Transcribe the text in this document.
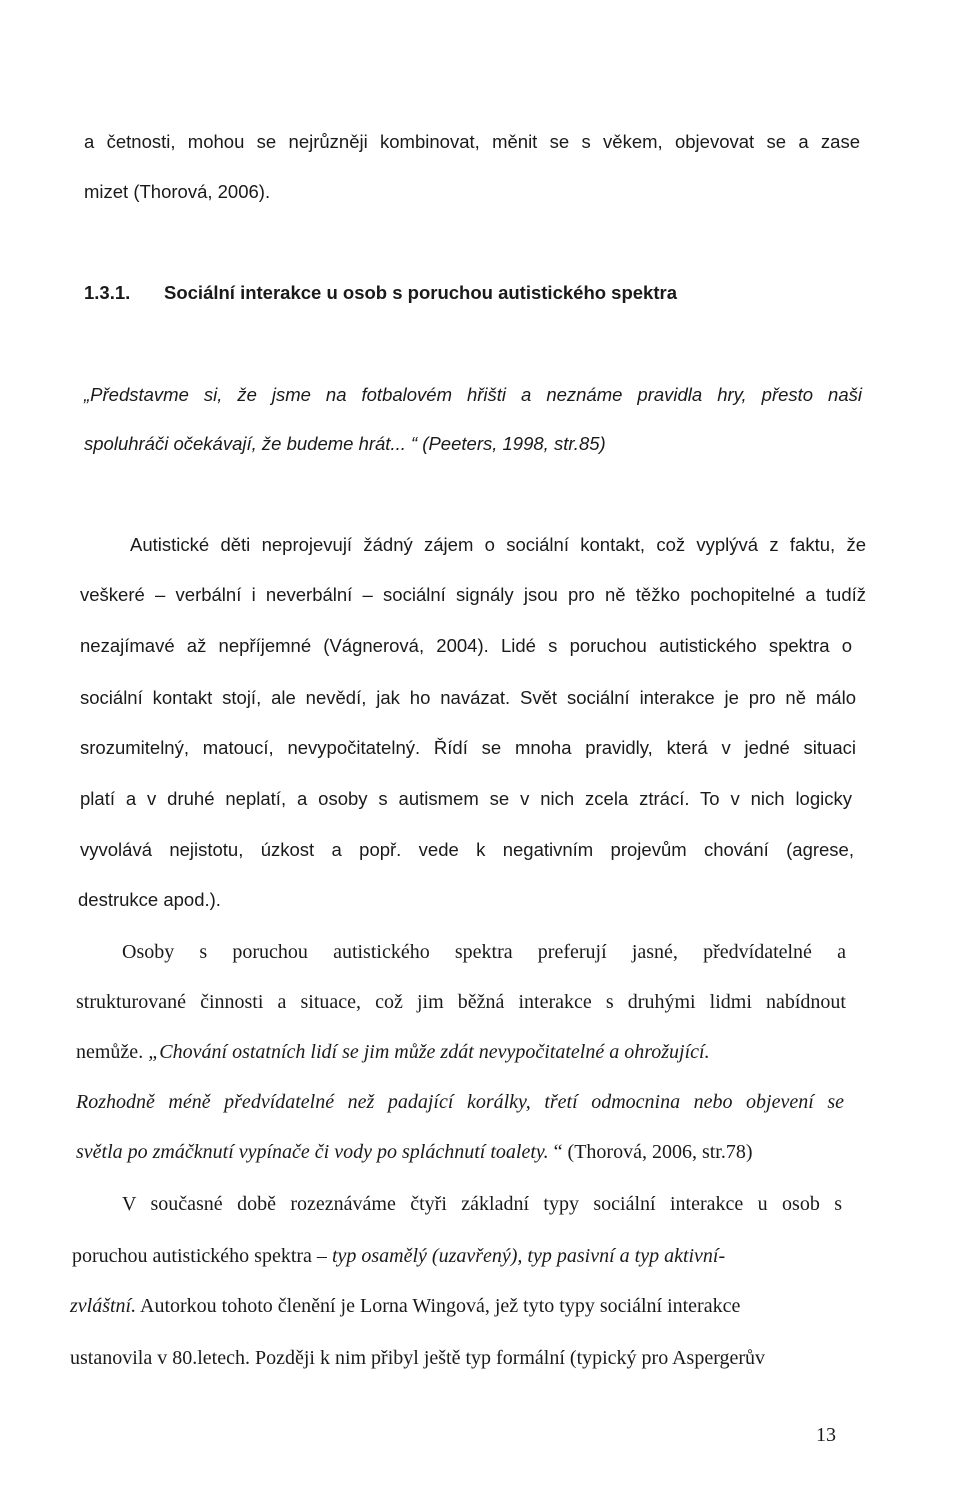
a četnosti, mohou se nejrůzněji kombinovat, měnit se s věkem, objevovat se a zase
mizet (Thorová, 2006).
1.3.1. Sociální interakce u osob s poruchou autistického spektra
„Představme si, že jsme na fotbalovém hřišti a neznáme pravidla hry, přesto naši
spoluhráči očekávají, že budeme hrát... “ (Peeters, 1998, str.85)
Autistické děti neprojevují žádný zájem o sociální kontakt, což vyplývá z faktu, že
veškeré – verbální i neverbální – sociální signály jsou pro ně těžko pochopitelné a tudíž
nezajímavé až nepříjemné (Vágnerová, 2004). Lidé s poruchou autistického spektra o
sociální kontakt stojí, ale nevědí, jak ho navázat. Svět sociální interakce je pro ně málo
srozumitelný, matoucí, nevypočitatelný. Řídí se mnoha pravidly, která v jedné situaci
platí a v druhé neplatí, a osoby s autismem se v nich zcela ztrácí. To v nich logicky
vyvolává nejistotu, úzkost a popř. vede k negativním projevům chování (agrese,
destrukce apod.).
Osoby s poruchou autistického spektra preferují jasné, předvídatelné a
strukturované činnosti a situace, což jim běžná interakce s druhými lidmi nabídnout
nemůže. „Chování ostatních lidí se jim může zdát nevypočitatelné a ohrožující.
Rozhodně méně předvídatelné než padající korálky, třetí odmocnina nebo objevení se
světla po zmáčknutí vypínače či vody po spláchnutí toalety. “ (Thorová, 2006, str.78)
V současné době rozeznáváme čtyři základní typy sociální interakce u osob s
poruchou autistického spektra – typ osamělý (uzavřený), typ pasivní a typ aktivní-
zvláštní. Autorkou tohoto členění je Lorna Wingová, jež tyto typy sociální interakce
ustanovila v 80.letech. Později k nim přibyl ještě typ formální (typický pro Aspergerův
13
